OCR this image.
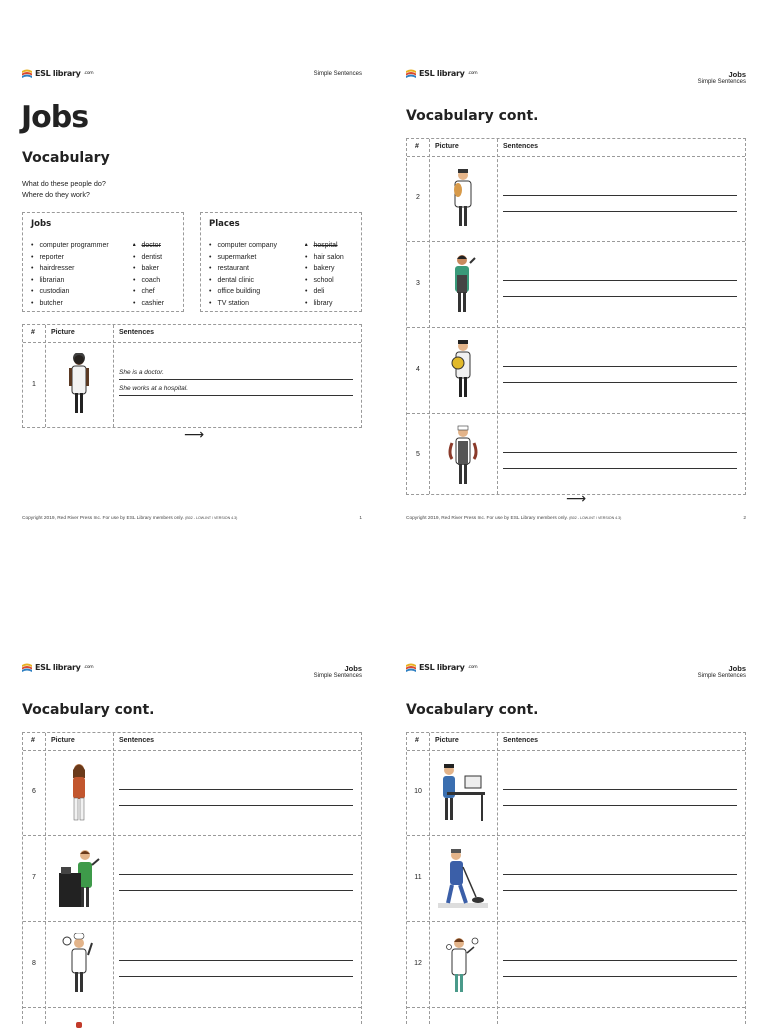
ESL library .com	Simple Sentences
Jobs
Vocabulary
What do these people do?
Where do they work?
Jobs
• computer programmer
• reporter
• hairdresser
• librarian
• custodian
• butcher
• doctor
• dentist
• baker
• coach
• chef
• cashier
Places
• computer company
• supermarket
• restaurant
• dental clinic
• office building
• TV station
• hospital
• hair salon
• bakery
• school
• deli
• library
# Picture	Sentences
1
She is a doctor.
She works at a hospital.
⟶
Copyright 2019, Red River Press Inc. For use by ESL Library members only. (B02 - LOW-INT / VERSION 4.3)	1
ESL library .com	Jobs
Simple Sentences
Vocabulary cont.
# Picture	Sentences
2
3
4
5
⟶
Copyright 2019, Red River Press Inc. For use by ESL Library members only. (B02 - LOW-INT / VERSION 4.3)	2
ESL library .com	Jobs
Simple Sentences
Vocabulary cont.
# Picture	Sentences
6
7
8
ESL library .com	Jobs
Simple Sentences
Vocabulary cont.
# Picture	Sentences
10
11
12
